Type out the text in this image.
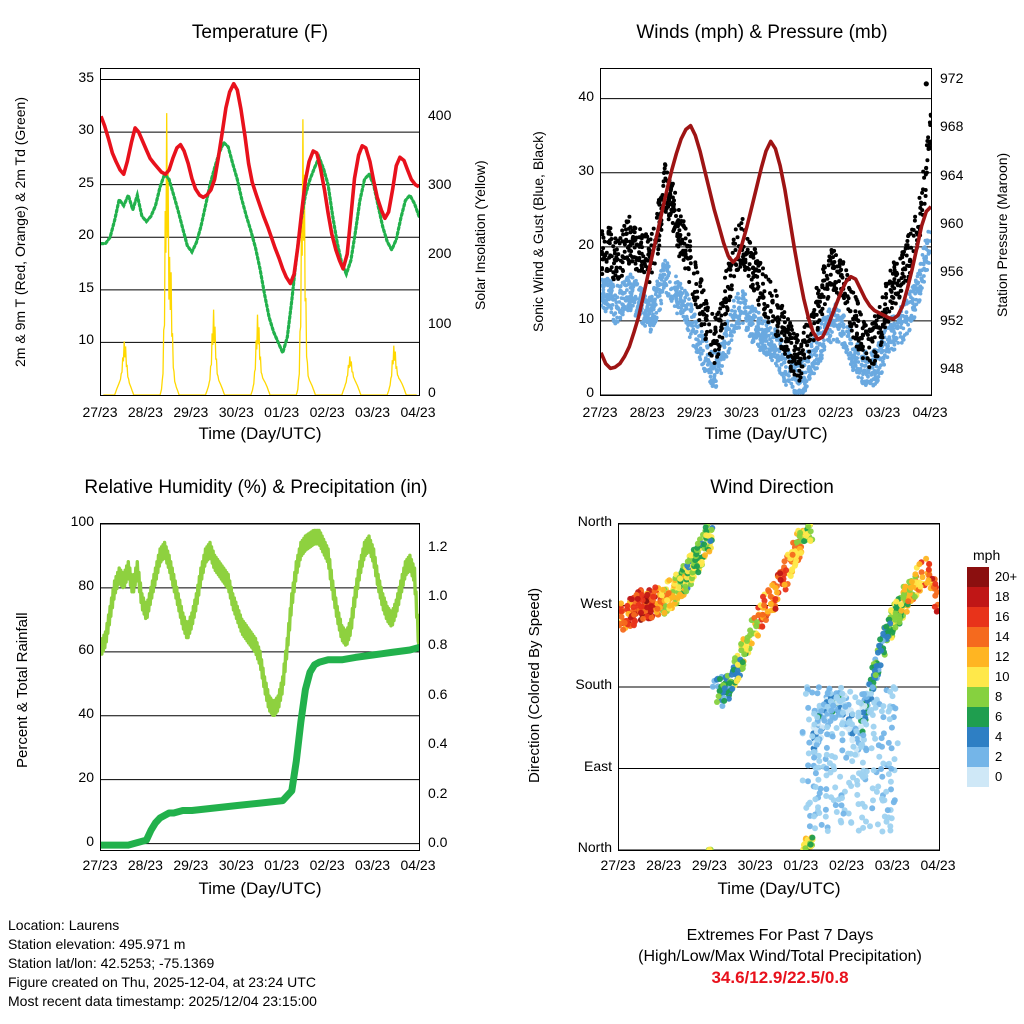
Temperature (F)
2m & 9m T (Red, Orange) & 2m Td (Green)	Solar Insolation (Yellow)
10
15
20
25
30
35
0
100
200
300
400
27/23 28/23 29/23 30/23 01/23 02/23 03/23 04/23
Time (Day/UTC)
Winds (mph) & Pressure (mb)
Sonic Wind & Gust (Blue, Black)	Station Pressure (Maroon)
0
10
20
30
40
948
952
956
960
964
968
972
27/23 28/23 29/23 30/23 01/23 02/23 03/23 04/23
Time (Day/UTC)
Relative Humidity (%) & Precipitation (in)
Percent & Total Rainfall
0
20
40
60
80
100
0.0
0.2
0.4
0.6
0.8
1.0
1.2
27/23 28/23 29/23 30/23 01/23 02/23 03/23 04/23
Time (Day/UTC)
Wind Direction
Direction (Colored By Speed)
North
West
South
East
North
27/23 28/23 29/23 30/23 01/23 02/23 03/23 04/23
Time (Day/UTC)
mph
20+
18
16
14
12
10
8
6
4
2
0
Location: Laurens
Station elevation: 495.971 m
Station lat/lon: 42.5253; -75.1369
Figure created on Thu, 2025-12-04, at 23:24 UTC
Most recent data timestamp: 2025/12/04 23:15:00
Extremes For Past 7 Days
(High/Low/Max Wind/Total Precipitation)
34.6/12.9/22.5/0.8
